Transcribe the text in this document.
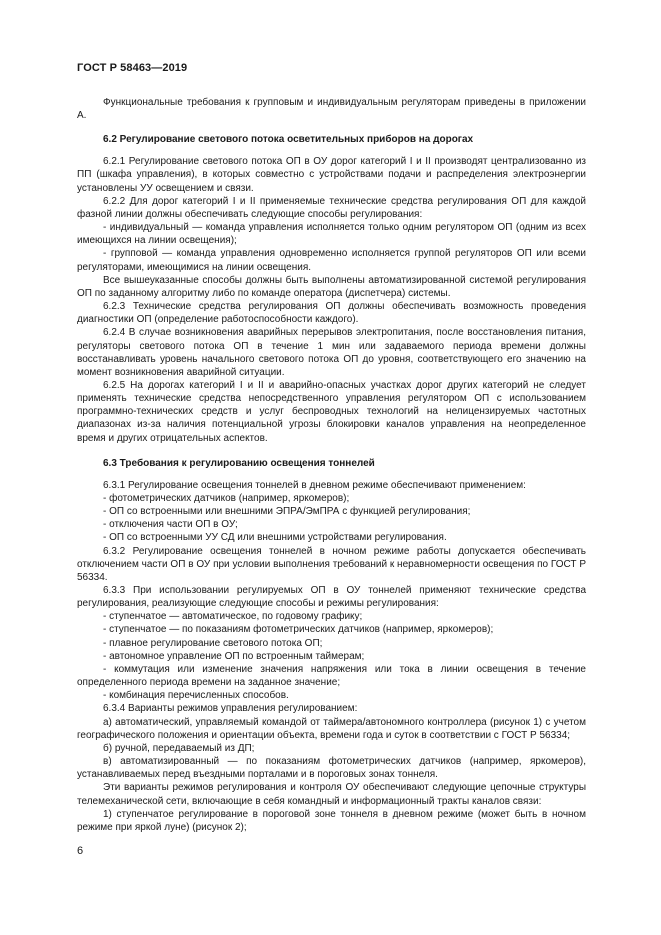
ГОСТ Р 58463—2019

Функциональные требования к групповым и индивидуальным регуляторам приведены в приложении А.

6.2 Регулирование светового потока осветительных приборов на дорогах

6.2.1 Регулирование светового потока ОП в ОУ дорог категорий I и II производят централизованно из ПП (шкафа управления), в которых совместно с устройствами подачи и распределения электроэнергии установлены УУ освещением и связи.

6.2.2 Для дорог категорий I и II применяемые технические средства регулирования ОП для каждой фазной линии должны обеспечивать следующие способы регулирования:

- индивидуальный — команда управления исполняется только одним регулятором ОП (одним из всех имеющихся на линии освещения);

- групповой — команда управления одновременно исполняется группой регуляторов ОП или всеми регуляторами, имеющимися на линии освещения.

Все вышеуказанные способы должны быть выполнены автоматизированной системой регулирования ОП по заданному алгоритму либо по команде оператора (диспетчера) системы.

6.2.3 Технические средства регулирования ОП должны обеспечивать возможность проведения диагностики ОП (определение работоспособности каждого).

6.2.4 В случае возникновения аварийных перерывов электропитания, после восстановления питания, регуляторы светового потока ОП в течение 1 мин или задаваемого периода времени должны восстанавливать уровень начального светового потока ОП до уровня, соответствующего его значению на момент возникновения аварийной ситуации.

6.2.5 На дорогах категорий I и II и аварийно-опасных участках дорог других категорий не следует применять технические средства непосредственного управления регулятором ОП с использованием программно-технических средств и услуг беспроводных технологий на нелицензируемых частотных диапазонах из-за наличия потенциальной угрозы блокировки каналов управления на неопределенное время и других отрицательных аспектов.

6.3 Требования к регулированию освещения тоннелей

6.3.1 Регулирование освещения тоннелей в дневном режиме обеспечивают применением:

- фотометрических датчиков (например, яркомеров);

- ОП со встроенными или внешними ЭПРА/ЭмПРА с функцией регулирования;

- отключения части ОП в ОУ;

- ОП со встроенными УУ СД или внешними устройствами регулирования.

6.3.2 Регулирование освещения тоннелей в ночном режиме работы допускается обеспечивать отключением части ОП в ОУ при условии выполнения требований к неравномерности освещения по ГОСТ Р 56334.

6.3.3 При использовании регулируемых ОП в ОУ тоннелей применяют технические средства регулирования, реализующие следующие способы и режимы регулирования:

- ступенчатое — автоматическое, по годовому графику;

- ступенчатое — по показаниям фотометрических датчиков (например, яркомеров);

- плавное регулирование светового потока ОП;

- автономное управление ОП по встроенным таймерам;

- коммутация или изменение значения напряжения или тока в линии освещения в течение определенного периода времени на заданное значение;

- комбинация перечисленных способов.

6.3.4 Варианты режимов управления регулированием:

а) автоматический, управляемый командой от таймера/автономного контроллера (рисунок 1) с учетом географического положения и ориентации объекта, времени года и суток в соответствии с ГОСТ Р 56334;

б) ручной, передаваемый из ДП;

в) автоматизированный — по показаниям фотометрических датчиков (например, яркомеров), устанавливаемых перед въездными порталами и в пороговых зонах тоннеля.

Эти варианты режимов регулирования и контроля ОУ обеспечивают следующие цепочные структуры телемеханической сети, включающие в себя командный и информационный тракты каналов связи:

1) ступенчатое регулирование в пороговой зоне тоннеля в дневном режиме (может быть в ночном режиме при яркой луне) (рисунок 2);

6
